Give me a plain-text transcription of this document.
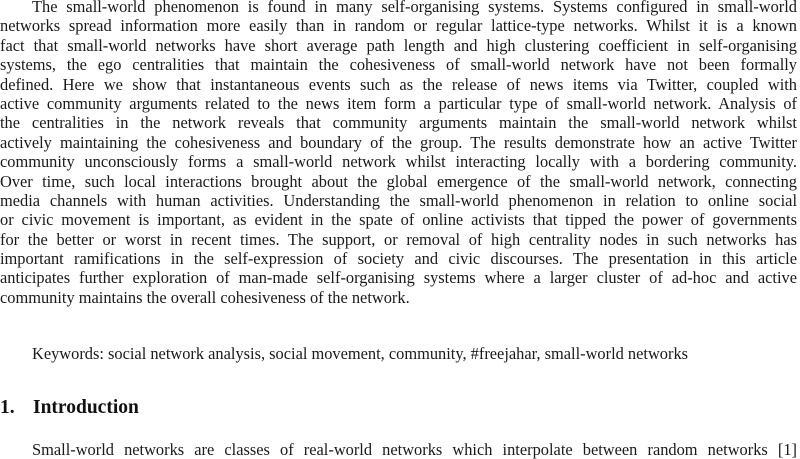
The small-world phenomenon is found in many self-organising systems. Systems configured in small-world
networks spread information more easily than in random or regular lattice-type networks. Whilst it is a known
fact that small-world networks have short average path length and high clustering coefficient in self-organising
systems, the ego centralities that maintain the cohesiveness of small-world network have not been formally
defined. Here we show that instantaneous events such as the release of news items via Twitter, coupled with
active community arguments related to the news item form a particular type of small-world network. Analysis of
the centralities in the network reveals that community arguments maintain the small-world network whilst
actively maintaining the cohesiveness and boundary of the group. The results demonstrate how an active Twitter
community unconsciously forms a small-world network whilst interacting locally with a bordering community.
Over time, such local interactions brought about the global emergence of the small-world network, connecting
media channels with human activities. Understanding the small-world phenomenon in relation to online social
or civic movement is important, as evident in the spate of online activists that tipped the power of governments
for the better or worst in recent times. The support, or removal of high centrality nodes in such networks has
important ramifications in the self-expression of society and civic discourses. The presentation in this article
anticipates further exploration of man-made self-organising systems where a larger cluster of ad-hoc and active
community maintains the overall cohesiveness of the network.
Keywords: social network analysis, social movement, community, #freejahar, small-world networks
1. Introduction
Small-world networks are classes of real-world networks which interpolate between random networks [1]
